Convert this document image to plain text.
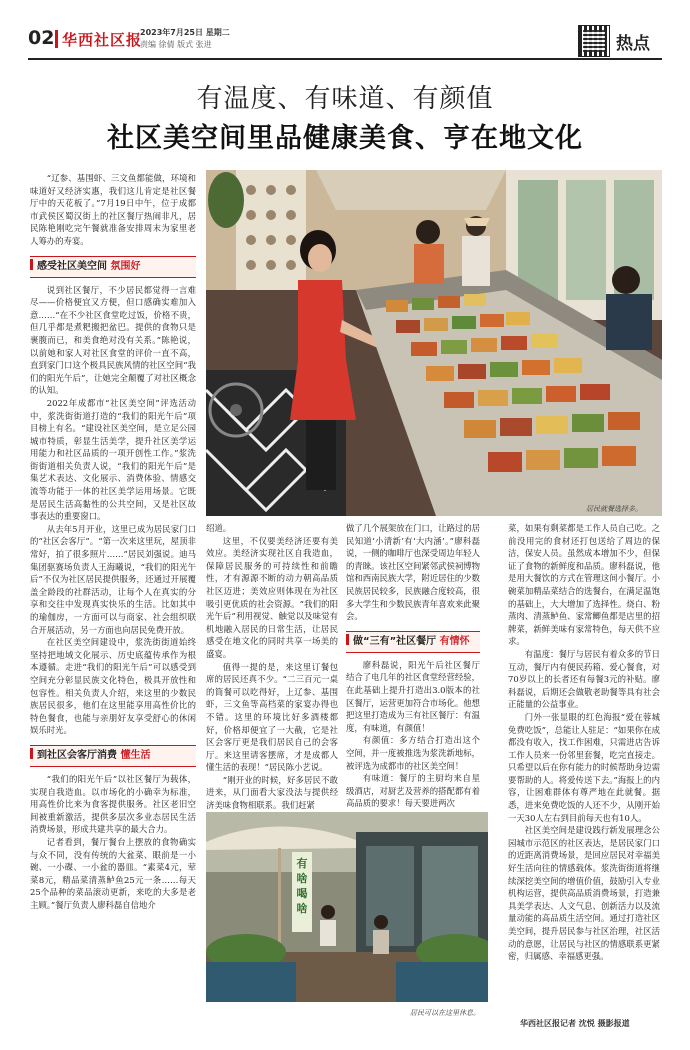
02 华西社区报
2023年7月25日 星期二
责编 徐倩 版式 张进	热点
有温度、有味道、有颜值
社区美空间里品健康美食、亨在地文化

“辽参、基围虾、三文鱼都能做，环境和味道好又经济实惠，我们这儿肯定是社区餐厅中的天花板了。”7月19日中午，位于成都市武侯区蜀汉街上的社区餐厅热闹非凡，居民陈艳刚吃完午餐就准备安排周末为家里老人筹办的寿宴。

感受社区美空间 氛围好

说到社区餐厅，不少居民都觉得一言难尽——价格便宜又方便，但口感确实难加入意……“在不少社区食堂吃过饭，价格不贵，但几乎都是煮粑搬把盆巴。提供的食物只是裹腹而已，和美食绝对没有关系。”陈艳说，以前她和家人对社区食堂的评价一直不高，直到家门口这个极具民族风情的社区空间“我们的阳光午后”，让她完全颠覆了对社区概念的认知。

2022年成都市“社区美空间”评选活动中，浆洗街街道打造的“我们的阳光午后”项目榜上有名。“建设社区美空间，是立足公园城市特质，彰显生活美学，提升社区美学运用能力和社区品质的一项开创性工作。”浆洗街街道相关负责人说，“我们的阳光午后”是集艺术表达、文化展示、消费体验、情感交流等功能于一体的社区美学运用场景。它既是居民生活高黏性的公共空间，又是社区故事表达的重要窗口。

从去年5月开业，这里已成为居民家门口的“社区会客厅”。“第一次来这里玩，屋顶非常好，拍了很多照片……”居民刘强说。迪马集团驱赛场负责人王海曦说，“我们的阳光午后”不仅为社区居民提供服务，还通过开展覆盖全龄段的社群活动，让每个人在真实的分享和交往中发现真实快乐的生活。比如其中的瑜伽房，一方面可以与商家、社会组织联合开展活动，另一方面也向居民免费开放。

在社区美空间建设中，浆洗街街道始终坚持把地域文化展示、历史底蕴传承作为根本遵循。走进“我们的阳光午后”可以感受到空间充分彰显民族文化特色，极具开放性和包容性。相关负责人介绍，来这里的少数民族居民很多，他们在这里能享用高性价比的特色餐食，也能与亲朋好友享受舒心的休闲娱乐时光。

到社区会客厅消费 懂生活

“我们的阳光午后”以社区餐厅为载体，实现自我造血。以市场化的小确幸为标准，用高性价比来为食客提供服务。社区老旧空间被重新激活，提供多层次多业态居民生活消费场景，形成共建共享的最大合力。

记者看到，餐厅餐台上摆放的食物确实与众不同，没有传统的大盆菜、眼前是一小碗、一小碟、一小盆的器皿。“素菜4元，荤菜8元，精品菜清蒸鲈鱼25元一条……每天25个品种的菜品滚动更新，来吃的大多是老主顾。”餐厅负责人廖科磊自信地介

居民就餐选择多。

绍道。

这里，不仅要美经济还要有美效应。美经济实现社区自我造血，保障居民服务的可持续性和前瞻性，才有源源不断的动力朝高品质社区迈进；美效应则体现在为社区吸引更优质的社会资源。“我们的阳光午后”利用视觉、触觉以及味觉有机地融入居民的日常生活，让居民感受在地文化的同时共享一场美的盛宴。

值得一提的是，来这里订餐包席的居民还真不少。“二三百元一桌的筒餐可以吃得好，上辽参、基围虾，三文鱼等高档菜的家宴办得也不错。这里的环境比好多酒楼都好，价格却便宜了一大截，它是社区会客厅更是我们居民自己的会客厅。来这里请客摆席，才是成都人懂生活的表现！”居民陈小艺说。

“刚开业的时候，好多居民不敢进来，从门面看大家没法与提供经济美味食物相联系。我们赶紧

做了几个展架放在门口，让路过的居民知道‘小清新’有‘大内涵’。”廖科磊说，一侧的咖啡厅也深受周边年轻人的青睐。该社区空间紧邻武侯祠博物馆和西南民族大学，附近居住的少数民族居民较多，民族融合度较高，很多大学生和少数民族青年喜欢来此聚会。

做“三有”社区餐厅 有情怀

廖科磊说，阳光午后社区餐厅结合了电几年的社区食堂经营经验，在此基础上提升打造出3.0版本的社区餐厅，运营更加符合市场化。他想把这里打造成为三有社区餐厅：有温度，有味道，有颜值！

有颜值：多方结合打造出这个空间，并一度被推选为浆洗新地标，被评选为成都市的社区美空间！

有味道：餐厅的主厨均来自星级酒店，对厨艺及营养的搭配都有着高品质的要求！每天要进两次

菜，如果有剩菜都是工作人员自己吃。之前没用完的食材还打包送给了周边的保洁，保安人员。虽然成本增加不少，但保证了食物的新鲜度和品质。廖科磊说，他是用大餐饮的方式在管理这间小餐厅。小碗菜加精品菜结合的选餐台，在满足温饱的基础上，大大增加了选择性。烧白、粉蒸肉、清蒸鲈鱼、家常鲫鱼都是店里的招牌菜，新鲜美味有家常特色，每天供不应求。

有温度：餐厅与居民有着众多的节日互动，餐厅内有便民药箱、爱心餐食，对70岁以上的长者还有每餐3元的补贴。廖科磊说，后期还会做敬老助餐等具有社会正能量的公益事业。

门外一张显眼的红色海报“爱在蓉城 免费吃饭”，总能让人驻足：“如果你在成都没有收入，找工作困难，只需进店告诉工作人员来一份邻里套餐，吃完直接走。只希望以后在你有能力的时候帮助身边需要帮助的人。将爱传送下去。”海报上的内容，让困难群体有尊严地在此就餐。据悉，进来免费吃饭的人还不少，从刚开始一天30人左右到目前每天也有10人。

社区美空间是建设践行新发展理念公园城市示范区的社区表达，是居民家门口的近距离消费场景，是回应居民对幸福美好生活向往的情感载体。浆洗街街道将继续深挖美空间的增值价值，鼓励引入专业机构运营，提供高品质消费场景，打造兼具美学表达、人文气息、创新活力以及流量动能的高品质生活空间。通过打造社区美空间，提升居民参与社区治理，社区活动的意愿，让居民与社区的情感联系更紧密，归属感、幸福感更强。

有啥喝啥
居民可以在这里休息。
华西社区报记者 沈悦 摄影报道
